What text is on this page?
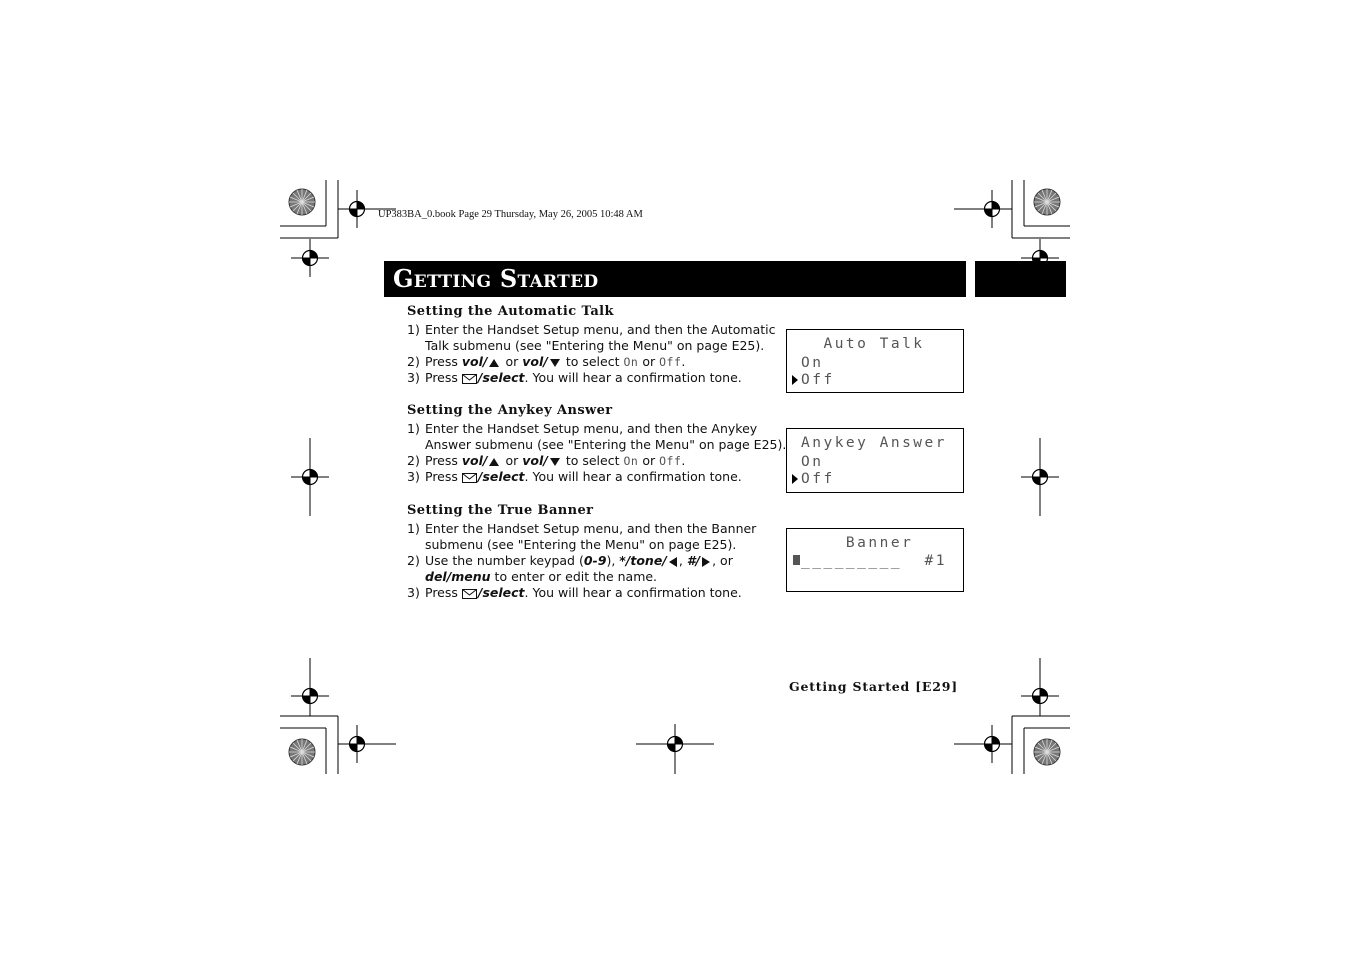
UP383BA_0.book Page 29 Thursday, May 26, 2005 10:48 AM
Getting Started
Setting the Automatic Talk
1) Enter the Handset Setup menu, and then the Automatic
Talk submenu (see "Entering the Menu" on page E25).
2) Press vol/ or vol/ to select On or Off.
3) Press /select. You will hear a confirmation tone.
Auto Talk
On
Off
Setting the Anykey Answer
1) Enter the Handset Setup menu, and then the Anykey
Answer submenu (see "Entering the Menu" on page E25).
2) Press vol/ or vol/ to select On or Off.
3) Press /select. You will hear a confirmation tone.
Anykey Answer
On
Off
Setting the True Banner
1) Enter the Handset Setup menu, and then the Banner
submenu (see "Entering the Menu" on page E25).
2) Use the number keypad (0-9), */tone/ , #/ , or
del/menu to enter or edit the name.
3) Press /select. You will hear a confirmation tone.
Banner
_________  #1
Getting Started [E29]
